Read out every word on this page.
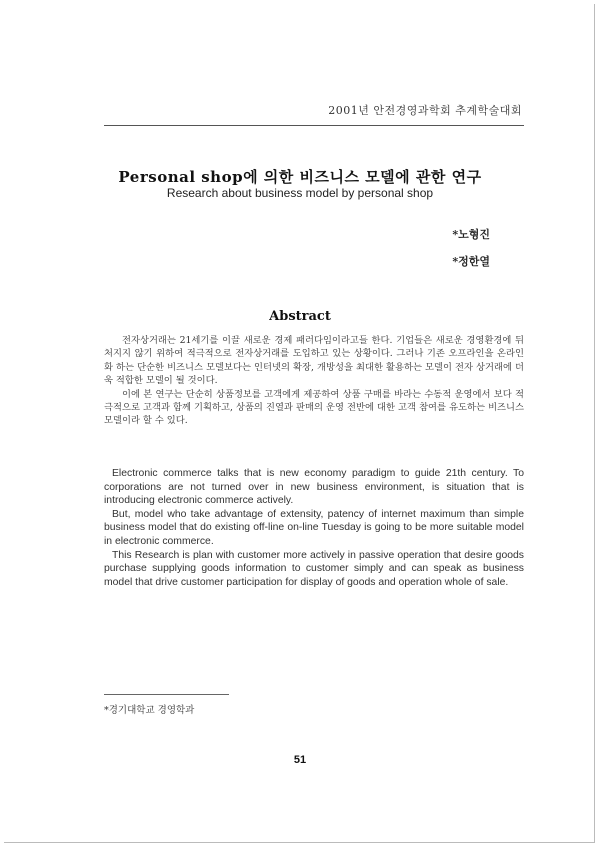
2001년 안전경영과학회 추계학술대회
Personal shop에 의한 비즈니스 모델에 관한 연구
Research about business model by personal shop
*노형진
*정한열
Abstract

전자상거래는 21세기를 이끌 새로운 경제 패러다임이라고들 한다. 기업들은 새로운 경영환경에 뒤처지지 않기 위하여 적극적으로 전자상거래를 도입하고 있는 상황이다. 그러나 기존 오프라인을 온라인화 하는 단순한 비즈니스 모델보다는 인터넷의 확장, 개방성을 최대한 활용하는 모델이 전자 상거래에 더욱 적합한 모델이 될 것이다.

이에 본 연구는 단순히 상품정보를 고객에게 제공하여 상품 구매를 바라는 수동적 운영에서 보다 적극적으로 고객과 함께 기획하고, 상품의 진열과 판매의 운영 전반에 대한 고객 참여를 유도하는 비즈니스 모델이라 할 수 있다.

Electronic commerce talks that is new economy paradigm to guide 21th century. To corporations are not turned over in new business environment, is situation that is introducing electronic commerce actively.

But, model who take advantage of extensity, patency of internet maximum than simple business model that do existing off-line on-line Tuesday is going to be more suitable model in electronic commerce.

This Research is plan with customer more actively in passive operation that desire goods purchase supplying goods information to customer simply and can speak as business model that drive customer participation for display of goods and operation whole of sale.

*경기대학교 경영학과
51
